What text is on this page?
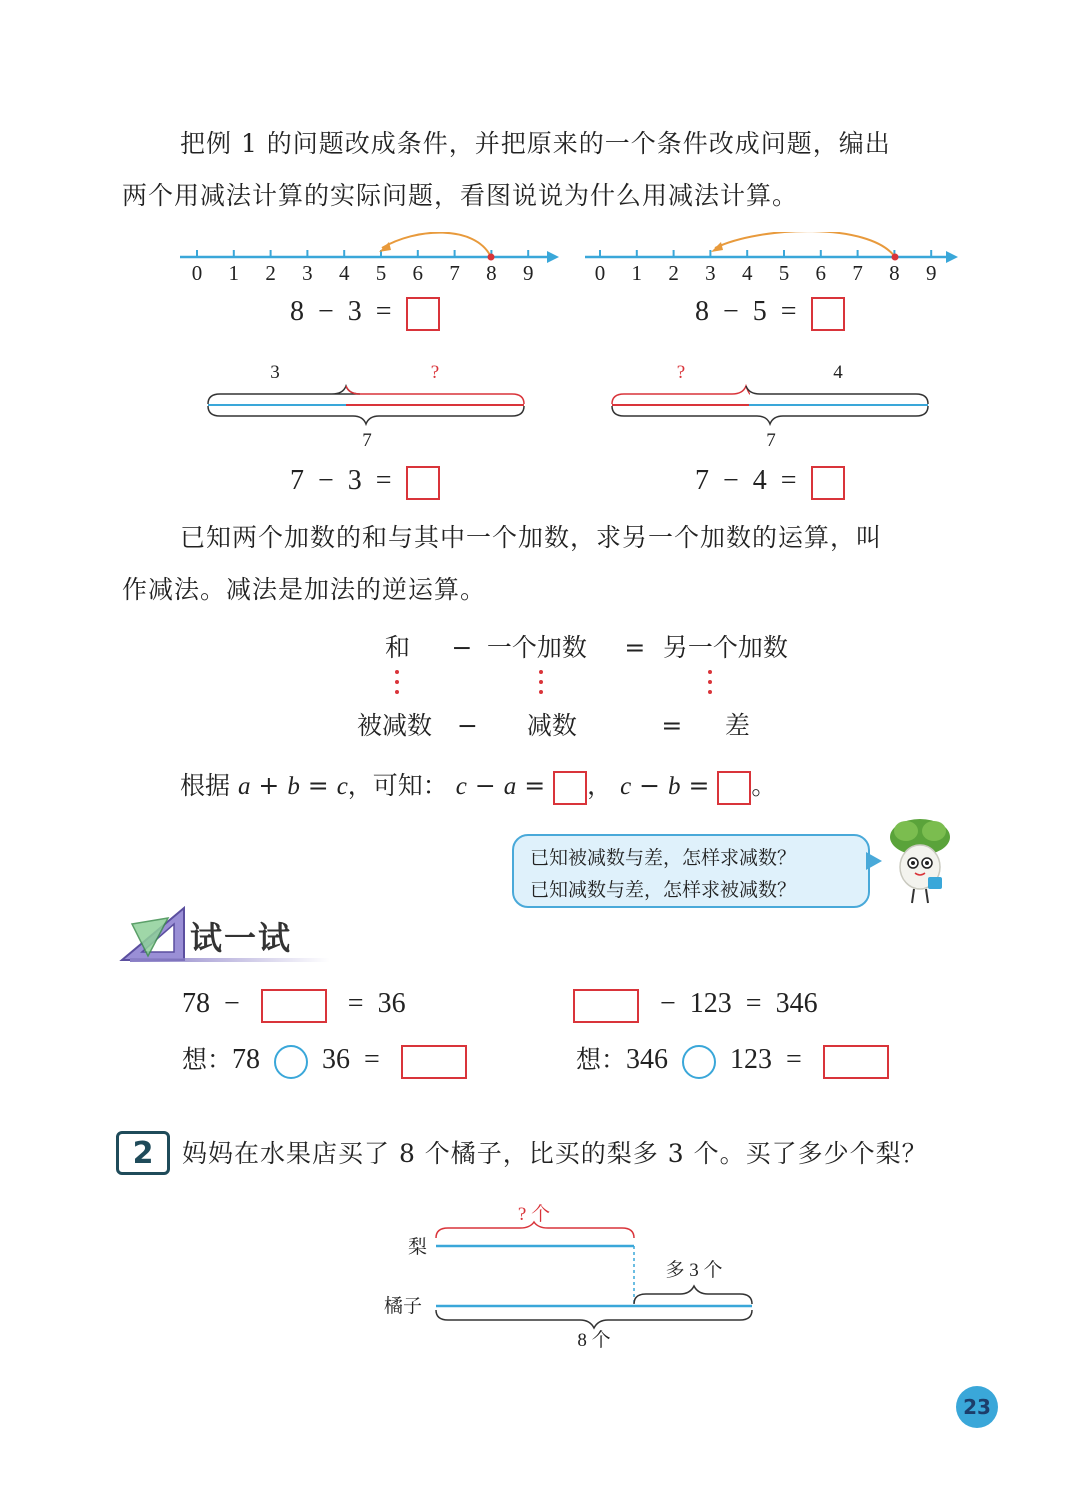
把例 1 的问题改成条件，并把原来的一个条件改成问题，编出
两个用减法计算的实际问题，看图说说为什么用减法计算。
0 1 2 3 4 5 6 7 8 9	0 1 2 3 4 5 6 7 8 9
8 − 3 =	8 − 5 =
3	?
7
?	4
7
7 − 3 =	7 − 4 =
已知两个加数的和与其中一个加数，求另一个加数的运算，叫
作减法。减法是加法的逆运算。
和 − 一个加数 = 另一个加数
被减数 − 减数	= 差
根据 a + b = c，可知： c − a = ， c − b = 。
已知被减数与差，怎样求减数？
已知减数与差，怎样求被减数？
试一试
78 −	= 36
想：78 36 =
− 123 = 346
想：346 123 =
2	妈妈在水果店买了 8 个橘子，比买的梨多 3 个。买了多少个梨？
? 个
梨
多 3 个
橘子
8 个
23
